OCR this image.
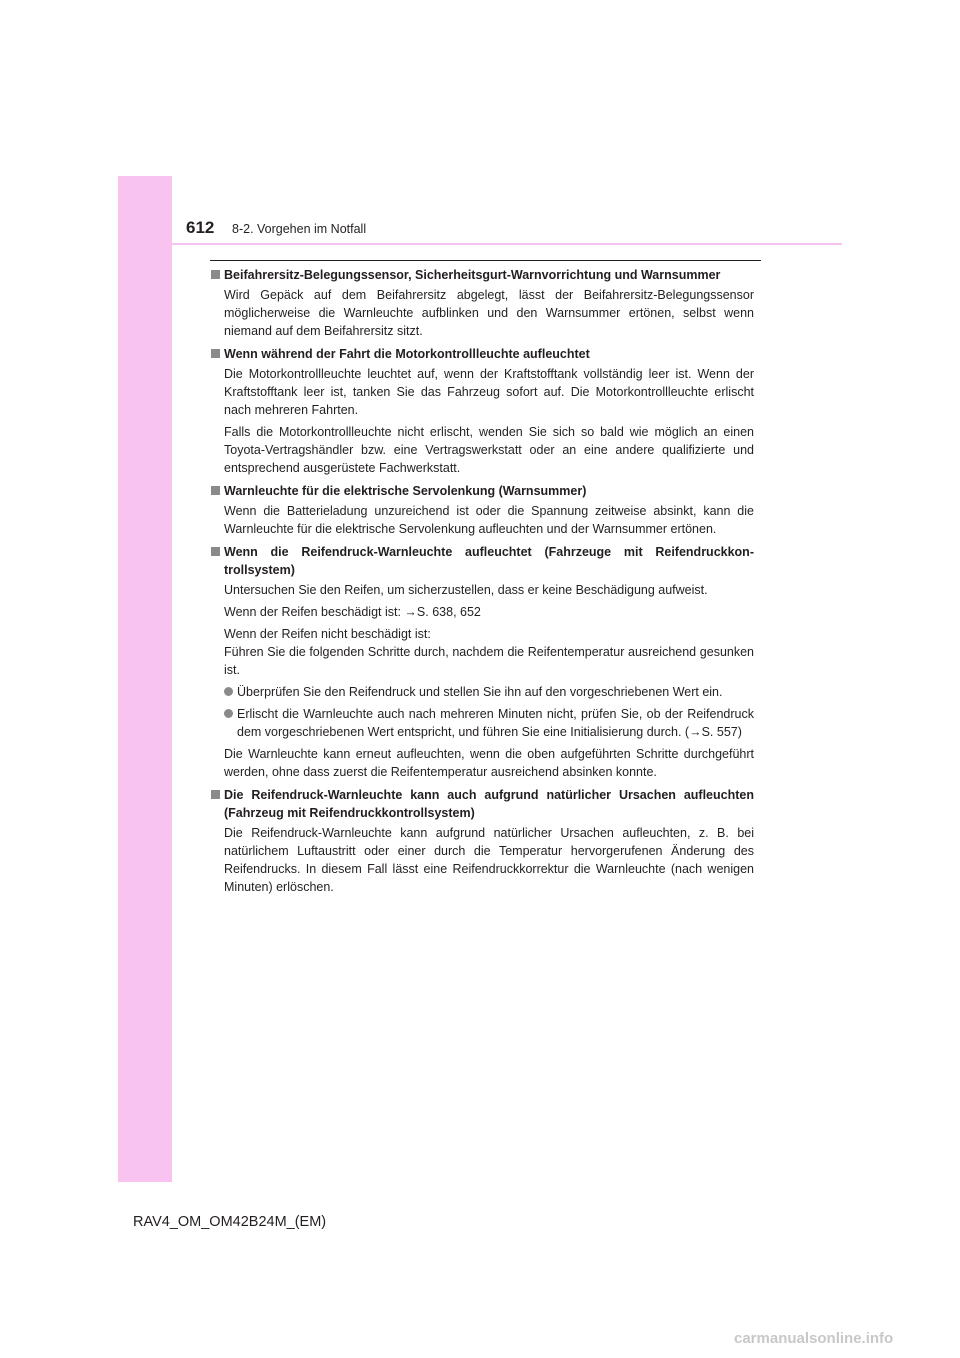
612 8-2. Vorgehen im Notfall
Beifahrersitz-Belegungssensor, Sicherheitsgurt-Warnvorrichtung und Warnsummer

Wird Gepäck auf dem Beifahrersitz abgelegt, lässt der Beifahrersitz-Belegungssensor möglicherweise die Warnleuchte aufblinken und den Warnsummer ertönen, selbst wenn niemand auf dem Beifahrersitz sitzt.

Wenn während der Fahrt die Motorkontrollleuchte aufleuchtet

Die Motorkontrollleuchte leuchtet auf, wenn der Kraftstofftank vollständig leer ist. Wenn der Kraftstofftank leer ist, tanken Sie das Fahrzeug sofort auf. Die Motorkontrollleuchte erlischt nach mehreren Fahrten.

Falls die Motorkontrollleuchte nicht erlischt, wenden Sie sich so bald wie möglich an einen Toyota-Vertragshändler bzw. eine Vertragswerkstatt oder an eine andere qualifizierte und entsprechend ausgerüstete Fachwerkstatt.

Warnleuchte für die elektrische Servolenkung (Warnsummer)

Wenn die Batterieladung unzureichend ist oder die Spannung zeitweise absinkt, kann die Warnleuchte für die elektrische Servolenkung aufleuchten und der Warnsummer ertönen.

Wenn die Reifendruck-Warnleuchte aufleuchtet (Fahrzeuge mit Reifendruckkontrollsystem)

Untersuchen Sie den Reifen, um sicherzustellen, dass er keine Beschädigung aufweist.

Wenn der Reifen beschädigt ist: →S. 638, 652

Wenn der Reifen nicht beschädigt ist:
Führen Sie die folgenden Schritte durch, nachdem die Reifentemperatur ausreichend gesunken ist.

Überprüfen Sie den Reifendruck und stellen Sie ihn auf den vorgeschriebenen Wert ein.
Erlischt die Warnleuchte auch nach mehreren Minuten nicht, prüfen Sie, ob der Reifendruck dem vorgeschriebenen Wert entspricht, und führen Sie eine Initialisierung durch. (→S. 557)

Die Warnleuchte kann erneut aufleuchten, wenn die oben aufgeführten Schritte durchgeführt werden, ohne dass zuerst die Reifentemperatur ausreichend absinken konnte.

Die Reifendruck-Warnleuchte kann auch aufgrund natürlicher Ursachen aufleuchten (Fahrzeug mit Reifendruckkontrollsystem)

Die Reifendruck-Warnleuchte kann aufgrund natürlicher Ursachen aufleuchten, z. B. bei natürlichem Luftaustritt oder einer durch die Temperatur hervorgerufenen Änderung des Reifendrucks. In diesem Fall lässt eine Reifendruckkorrektur die Warnleuchte (nach wenigen Minuten) erlöschen.

RAV4_OM_OM42B24M_(EM)
carmanualsonline.info
